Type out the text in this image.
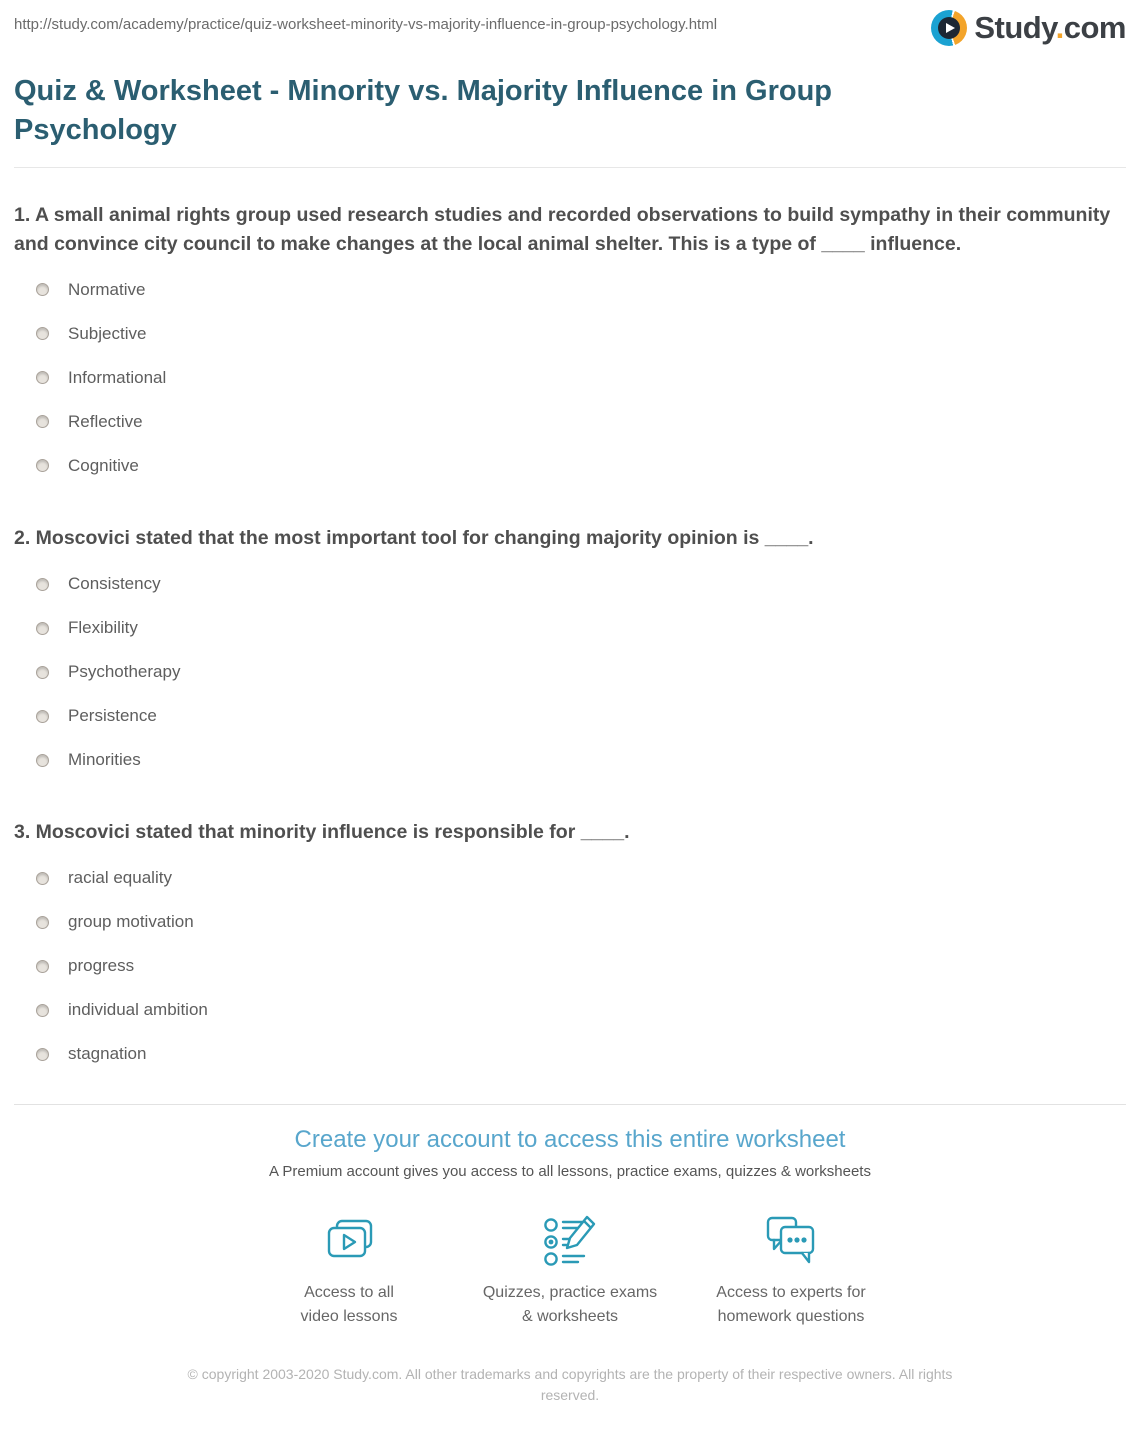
http://study.com/academy/practice/quiz-worksheet-minority-vs-majority-influence-in-group-psychology.html	Study.com
Quiz & Worksheet - Minority vs. Majority Influence in Group Psychology

1. A small animal rights group used research studies and recorded observations to build sympathy in their community and convince city council to make changes at the local animal shelter. This is a type of ____ influence.

Normative
Subjective
Informational
Reflective
Cognitive

2. Moscovici stated that the most important tool for changing majority opinion is ____.

Consistency
Flexibility
Psychotherapy
Persistence
Minorities

3. Moscovici stated that minority influence is responsible for ____.

racial equality
group motivation
progress
individual ambition
stagnation
Create your account to access this entire worksheet

A Premium account gives you access to all lessons, practice exams, quizzes & worksheets

Access to all
video lessons
Quizzes, practice exams
& worksheets
Access to experts for
homework questions

© copyright 2003-2020 Study.com. All other trademarks and copyrights are the property of their respective owners. All rights reserved.
